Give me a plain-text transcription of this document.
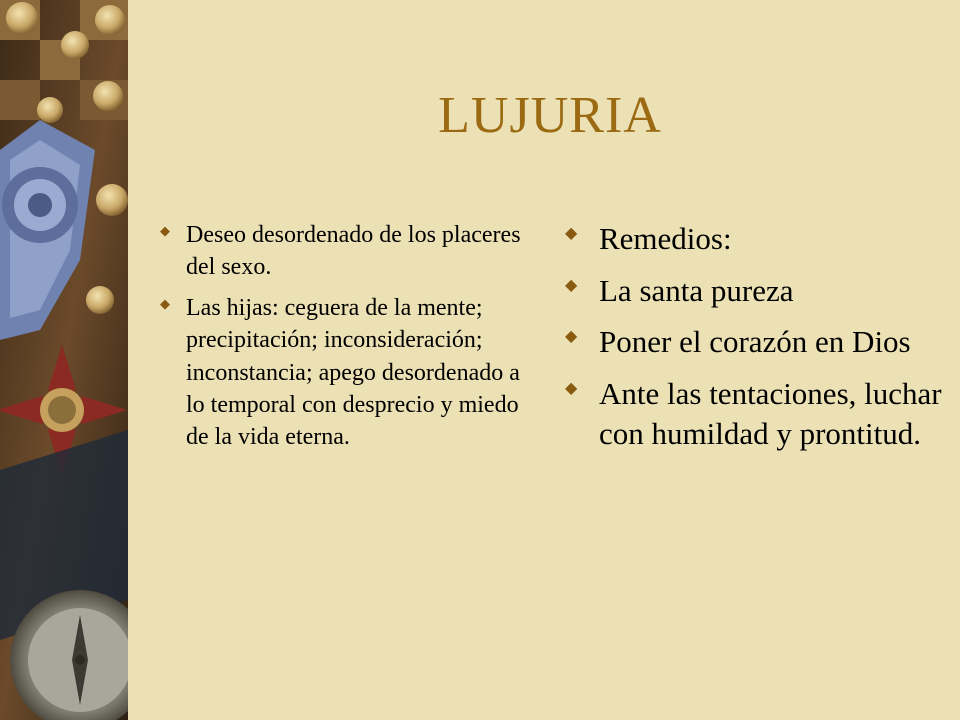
LUJURIA
◆ Deseo desordenado de los placeres del sexo.
◆ Las hijas: ceguera de la mente; precipitación; inconsideración; inconstancia; apego desordenado a lo temporal con desprecio y miedo de la vida eterna.
◆ Remedios:
◆ La santa pureza
◆ Poner el corazón en Dios
◆ Ante las tentaciones, luchar con humildad y prontitud.
